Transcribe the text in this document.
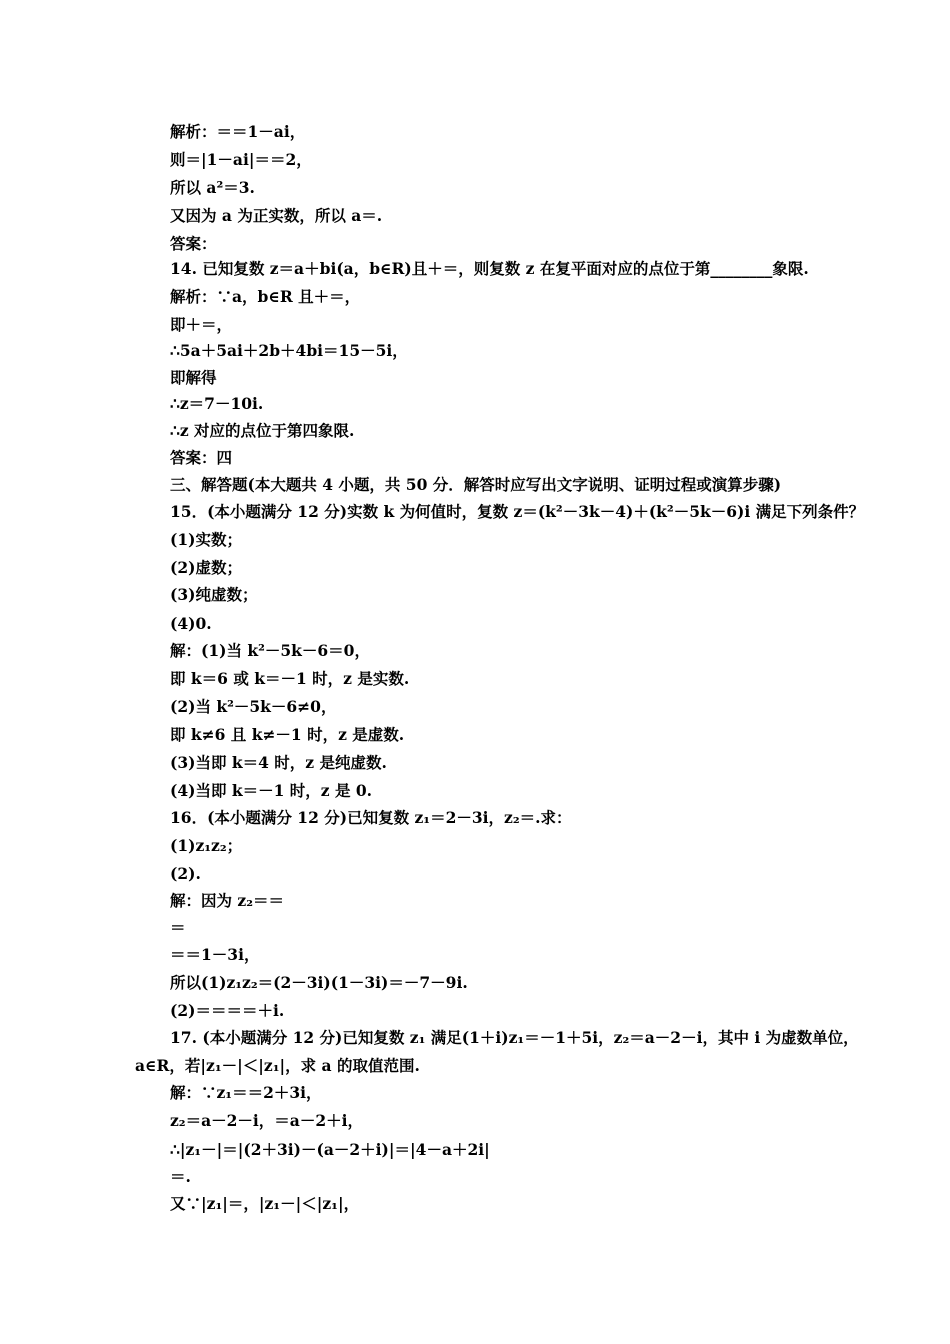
解析：＝＝1－ai，
则＝|1－ai|＝＝2，
所以 a²＝3.
又因为 a 为正实数，所以 a＝.
答案：
14. 已知复数 z＝a＋bi(a，b∈R)且＋＝，则复数 z 在复平面对应的点位于第________象限.
解析：∵a，b∈R 且＋＝，
即＋＝，
∴5a＋5ai＋2b＋4bi＝15－5i，
即解得
∴z＝7－10i.
∴z 对应的点位于第四象限.
答案：四
三、解答题(本大题共 4 小题，共 50 分．解答时应写出文字说明、证明过程或演算步骤)
15．(本小题满分 12 分)实数 k 为何值时，复数 z＝(k²－3k－4)＋(k²－5k－6)i 满足下列条件？
(1)实数；
(2)虚数；
(3)纯虚数；
(4)0.
解：(1)当 k²－5k－6＝0，
即 k＝6 或 k＝－1 时，z 是实数.
(2)当 k²－5k－6≠0，
即 k≠6 且 k≠－1 时，z 是虚数.
(3)当即 k＝4 时，z 是纯虚数.
(4)当即 k＝－1 时，z 是 0.
16．(本小题满分 12 分)已知复数 z₁＝2－3i，z₂＝.求：
(1)z₁z₂；
(2).
解：因为 z₂＝＝
＝
＝＝1－3i，
所以(1)z₁z₂＝(2－3i)(1－3i)＝－7－9i.
(2)＝＝＝＝＋i.
17. (本小题满分 12 分)已知复数 z₁ 满足(1＋i)z₁＝－1＋5i，z₂＝a－2－i，其中 i 为虚数单位，
a∈R，若|z₁－|＜|z₁|，求 a 的取值范围.
解：∵z₁＝＝2＋3i，
z₂＝a－2－i，＝a－2＋i，
∴|z₁－|＝|(2＋3i)－(a－2＋i)|＝|4－a＋2i|
＝.
又∵|z₁|＝，|z₁－|＜|z₁|，
